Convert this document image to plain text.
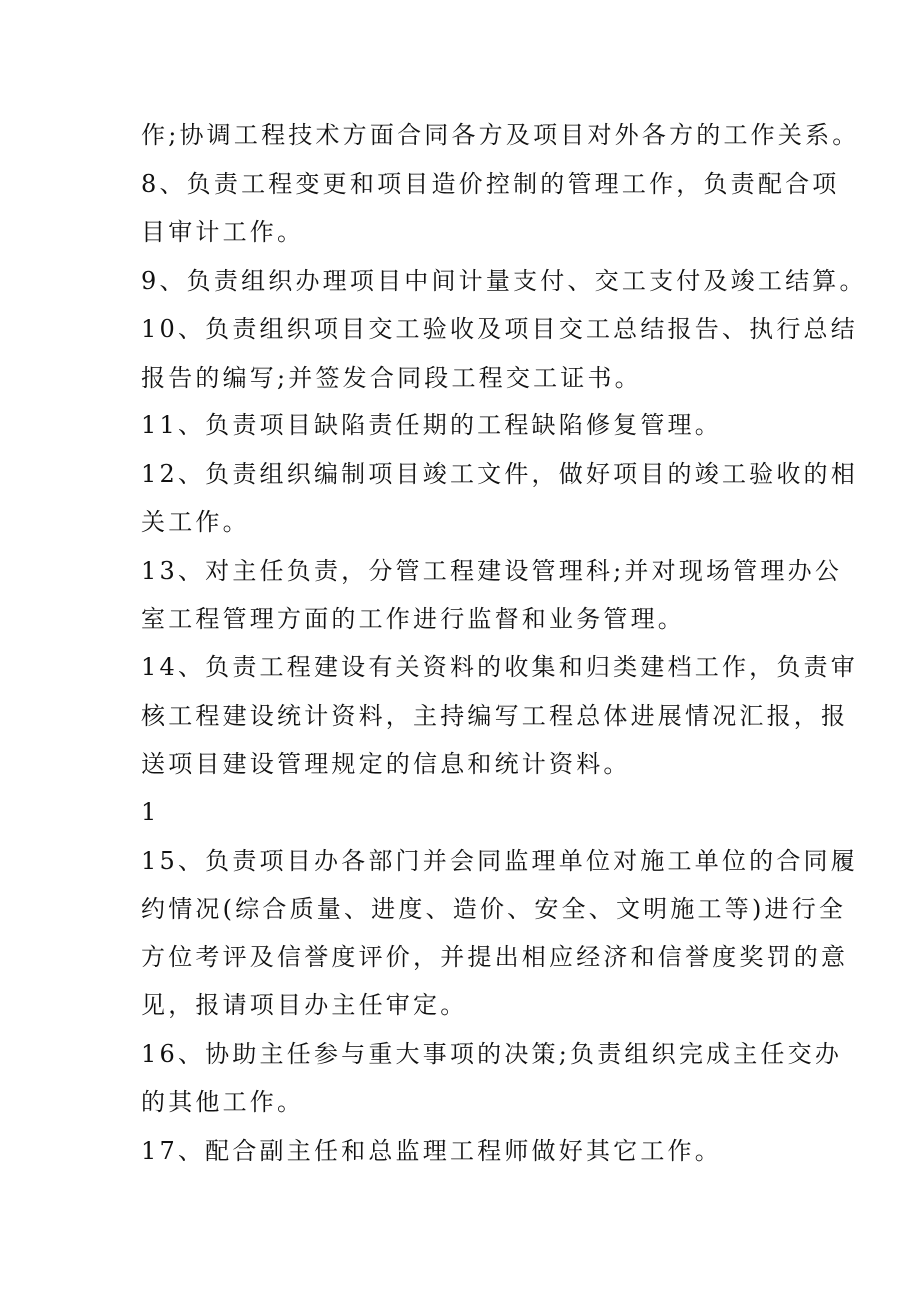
作;协调工程技术方面合同各方及项目对外各方的工作关系。
8、负责工程变更和项目造价控制的管理工作，负责配合项
目审计工作。
9、负责组织办理项目中间计量支付、交工支付及竣工结算。
10、负责组织项目交工验收及项目交工总结报告、执行总结
报告的编写;并签发合同段工程交工证书。
11、负责项目缺陷责任期的工程缺陷修复管理。
12、负责组织编制项目竣工文件，做好项目的竣工验收的相
关工作。
13、对主任负责，分管工程建设管理科;并对现场管理办公
室工程管理方面的工作进行监督和业务管理。
14、负责工程建设有关资料的收集和归类建档工作，负责审
核工程建设统计资料，主持编写工程总体进展情况汇报，报
送项目建设管理规定的信息和统计资料。
1
15、负责项目办各部门并会同监理单位对施工单位的合同履
约情况(综合质量、进度、造价、安全、文明施工等)进行全
方位考评及信誉度评价，并提出相应经济和信誉度奖罚的意
见，报请项目办主任审定。
16、协助主任参与重大事项的决策;负责组织完成主任交办
的其他工作。
17、配合副主任和总监理工程师做好其它工作。
